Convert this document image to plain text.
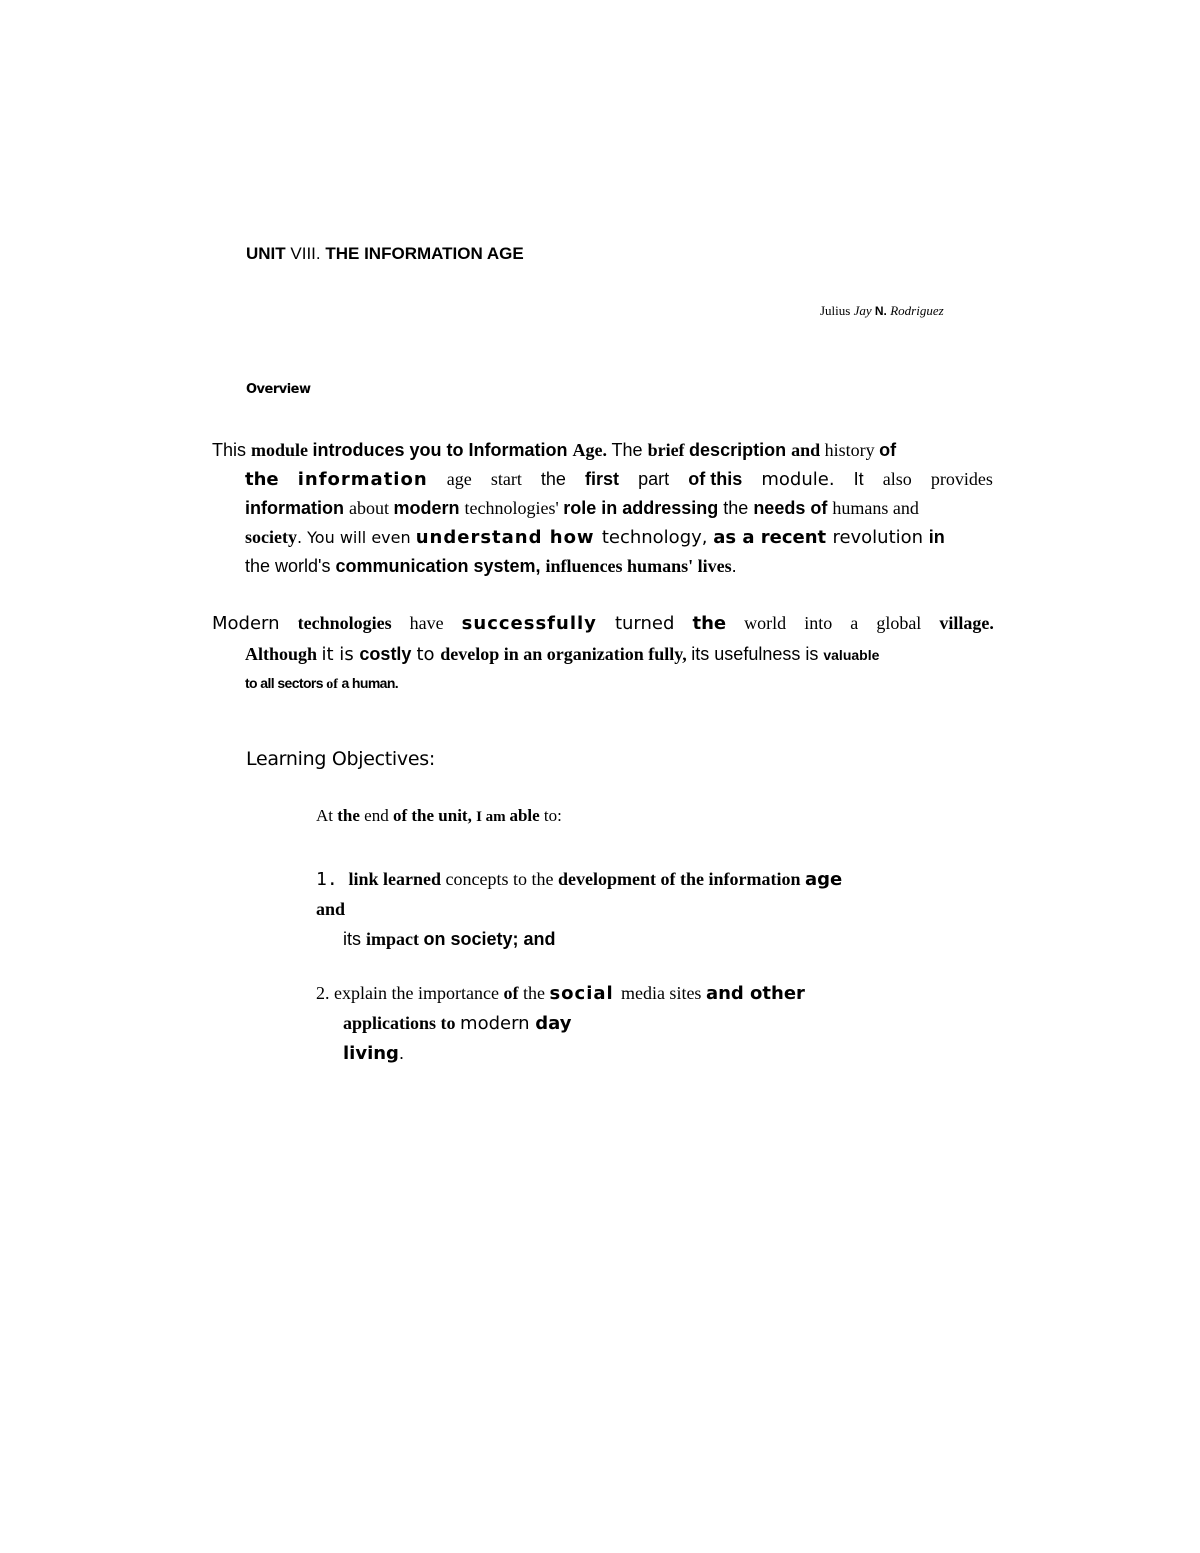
UNIT VIII. THE INFORMATION AGE
Julius Jay N. Rodriguez
Overview
This module introduces you to Information Age. The brief description and history of
the information age start the first part of this module. It also provides
information about modern technologies' role in addressing the needs of humans and
society. You will even understand how technology, as a recent revolution in
the world's communication system, influences humans' lives.
Modern technologies have successfully turned the world into a global village.
Although it is costly to develop in an organization fully, its usefulness is valuable
to all sectors of a human.
Learning Objectives:
At the end of the unit, I am able to:
1. link learned concepts to the development of the information age
and
its impact on society; and
2. explain the importance of the social media sites and other
applications to modern day
living.
